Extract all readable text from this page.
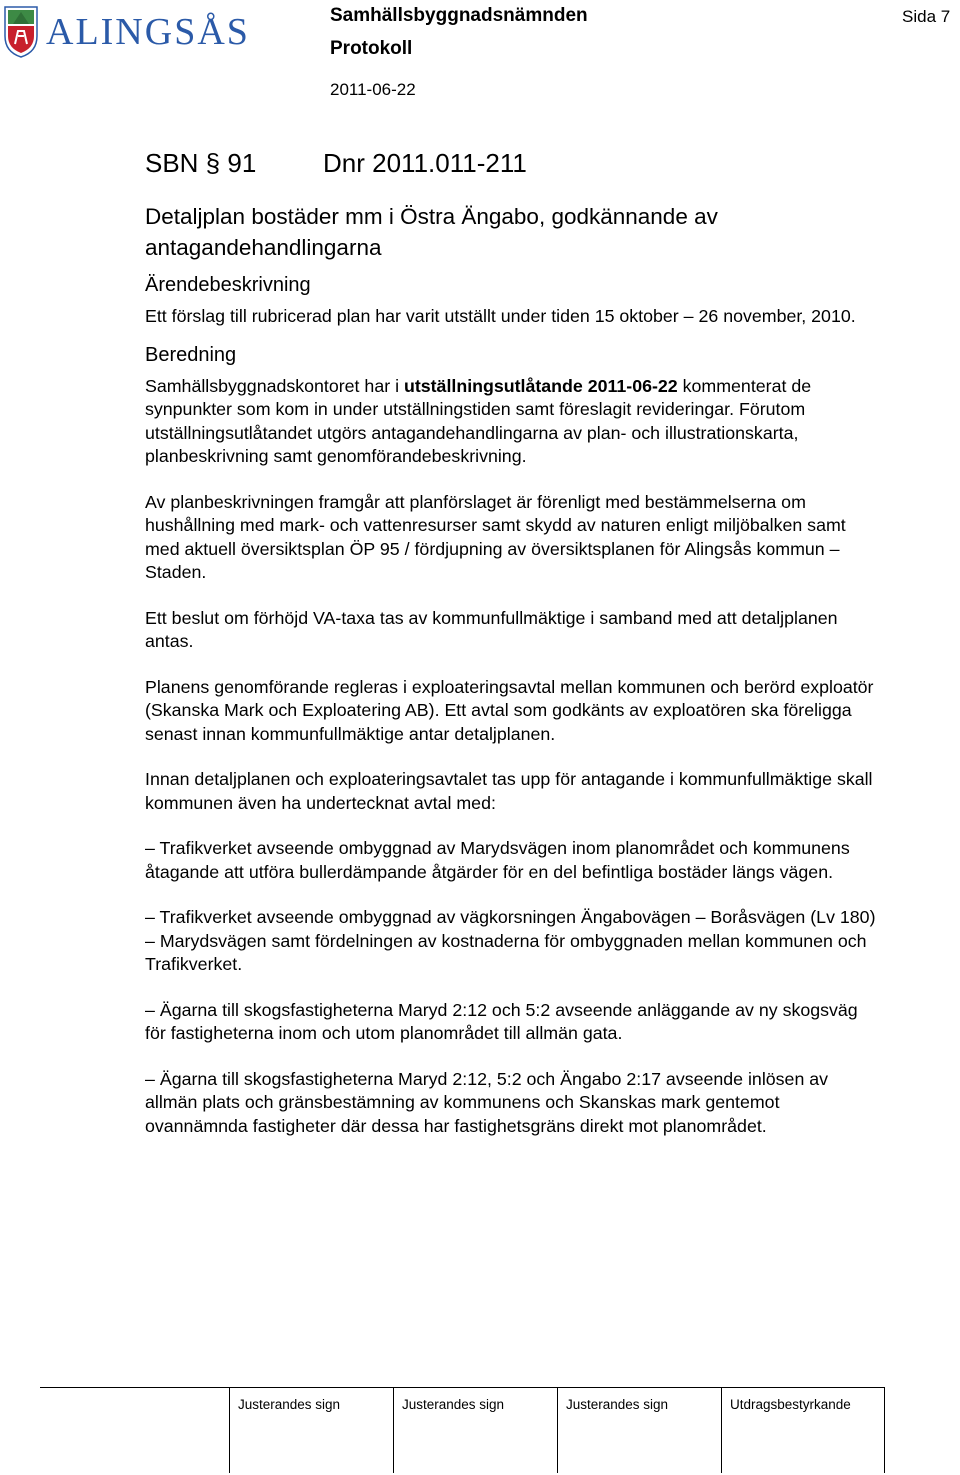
ALINGSÅS	Samhällsbyggnadsnämnden
Protokoll
2011-06-22
Sida 7
SBN § 91	Dnr 2011.011-211
Detaljplan bostäder mm i Östra Ängabo, godkännande av antagandehandlingarna
Ärendebeskrivning

Ett förslag till rubricerad plan har varit utställt under tiden 15 oktober – 26 november, 2010.

Beredning

Samhällsbyggnadskontoret har i utställningsutlåtande 2011-06-22 kommenterat de synpunkter som kom in under utställningstiden samt föreslagit revideringar. Förutom utställningsutlåtandet utgörs antagandehandlingarna av plan- och illustrationskarta, planbeskrivning samt genomförandebeskrivning.

Av planbeskrivningen framgår att planförslaget är förenligt med bestämmelserna om hushållning med mark- och vattenresurser samt skydd av naturen enligt miljöbalken samt med aktuell översiktsplan ÖP 95 / fördjupning av översiktsplanen för Alingsås kommun – Staden.

Ett beslut om förhöjd VA-taxa tas av kommunfullmäktige i samband med att detaljplanen antas.

Planens genomförande regleras i exploateringsavtal mellan kommunen och berörd exploatör (Skanska Mark och Exploatering AB). Ett avtal som godkänts av exploatören ska föreligga senast innan kommunfullmäktige antar detaljplanen.

Innan detaljplanen och exploateringsavtalet tas upp för antagande i kommunfullmäktige skall kommunen även ha undertecknat avtal med:

– Trafikverket avseende ombyggnad av Marydsvägen inom planområdet och kommunens åtagande att utföra bullerdämpande åtgärder för en del befintliga bostäder längs vägen.

– Trafikverket avseende ombyggnad av vägkorsningen Ängabovägen – Boråsvägen (Lv 180) – Marydsvägen samt fördelningen av kostnaderna för ombyggnaden mellan kommunen och Trafikverket.

– Ägarna till skogsfastigheterna Maryd 2:12 och 5:2 avseende anläggande av ny skogsväg för fastigheterna inom och utom planområdet till allmän gata.

– Ägarna till skogsfastigheterna Maryd 2:12, 5:2 och Ängabo 2:17 avseende inlösen av allmän plats och gränsbestämning av kommunens och Skanskas mark gentemot ovannämnda fastigheter där dessa har fastighetsgräns direkt mot planområdet.

Justerandes sign	Justerandes sign	Justerandes sign	Utdragsbestyrkande
